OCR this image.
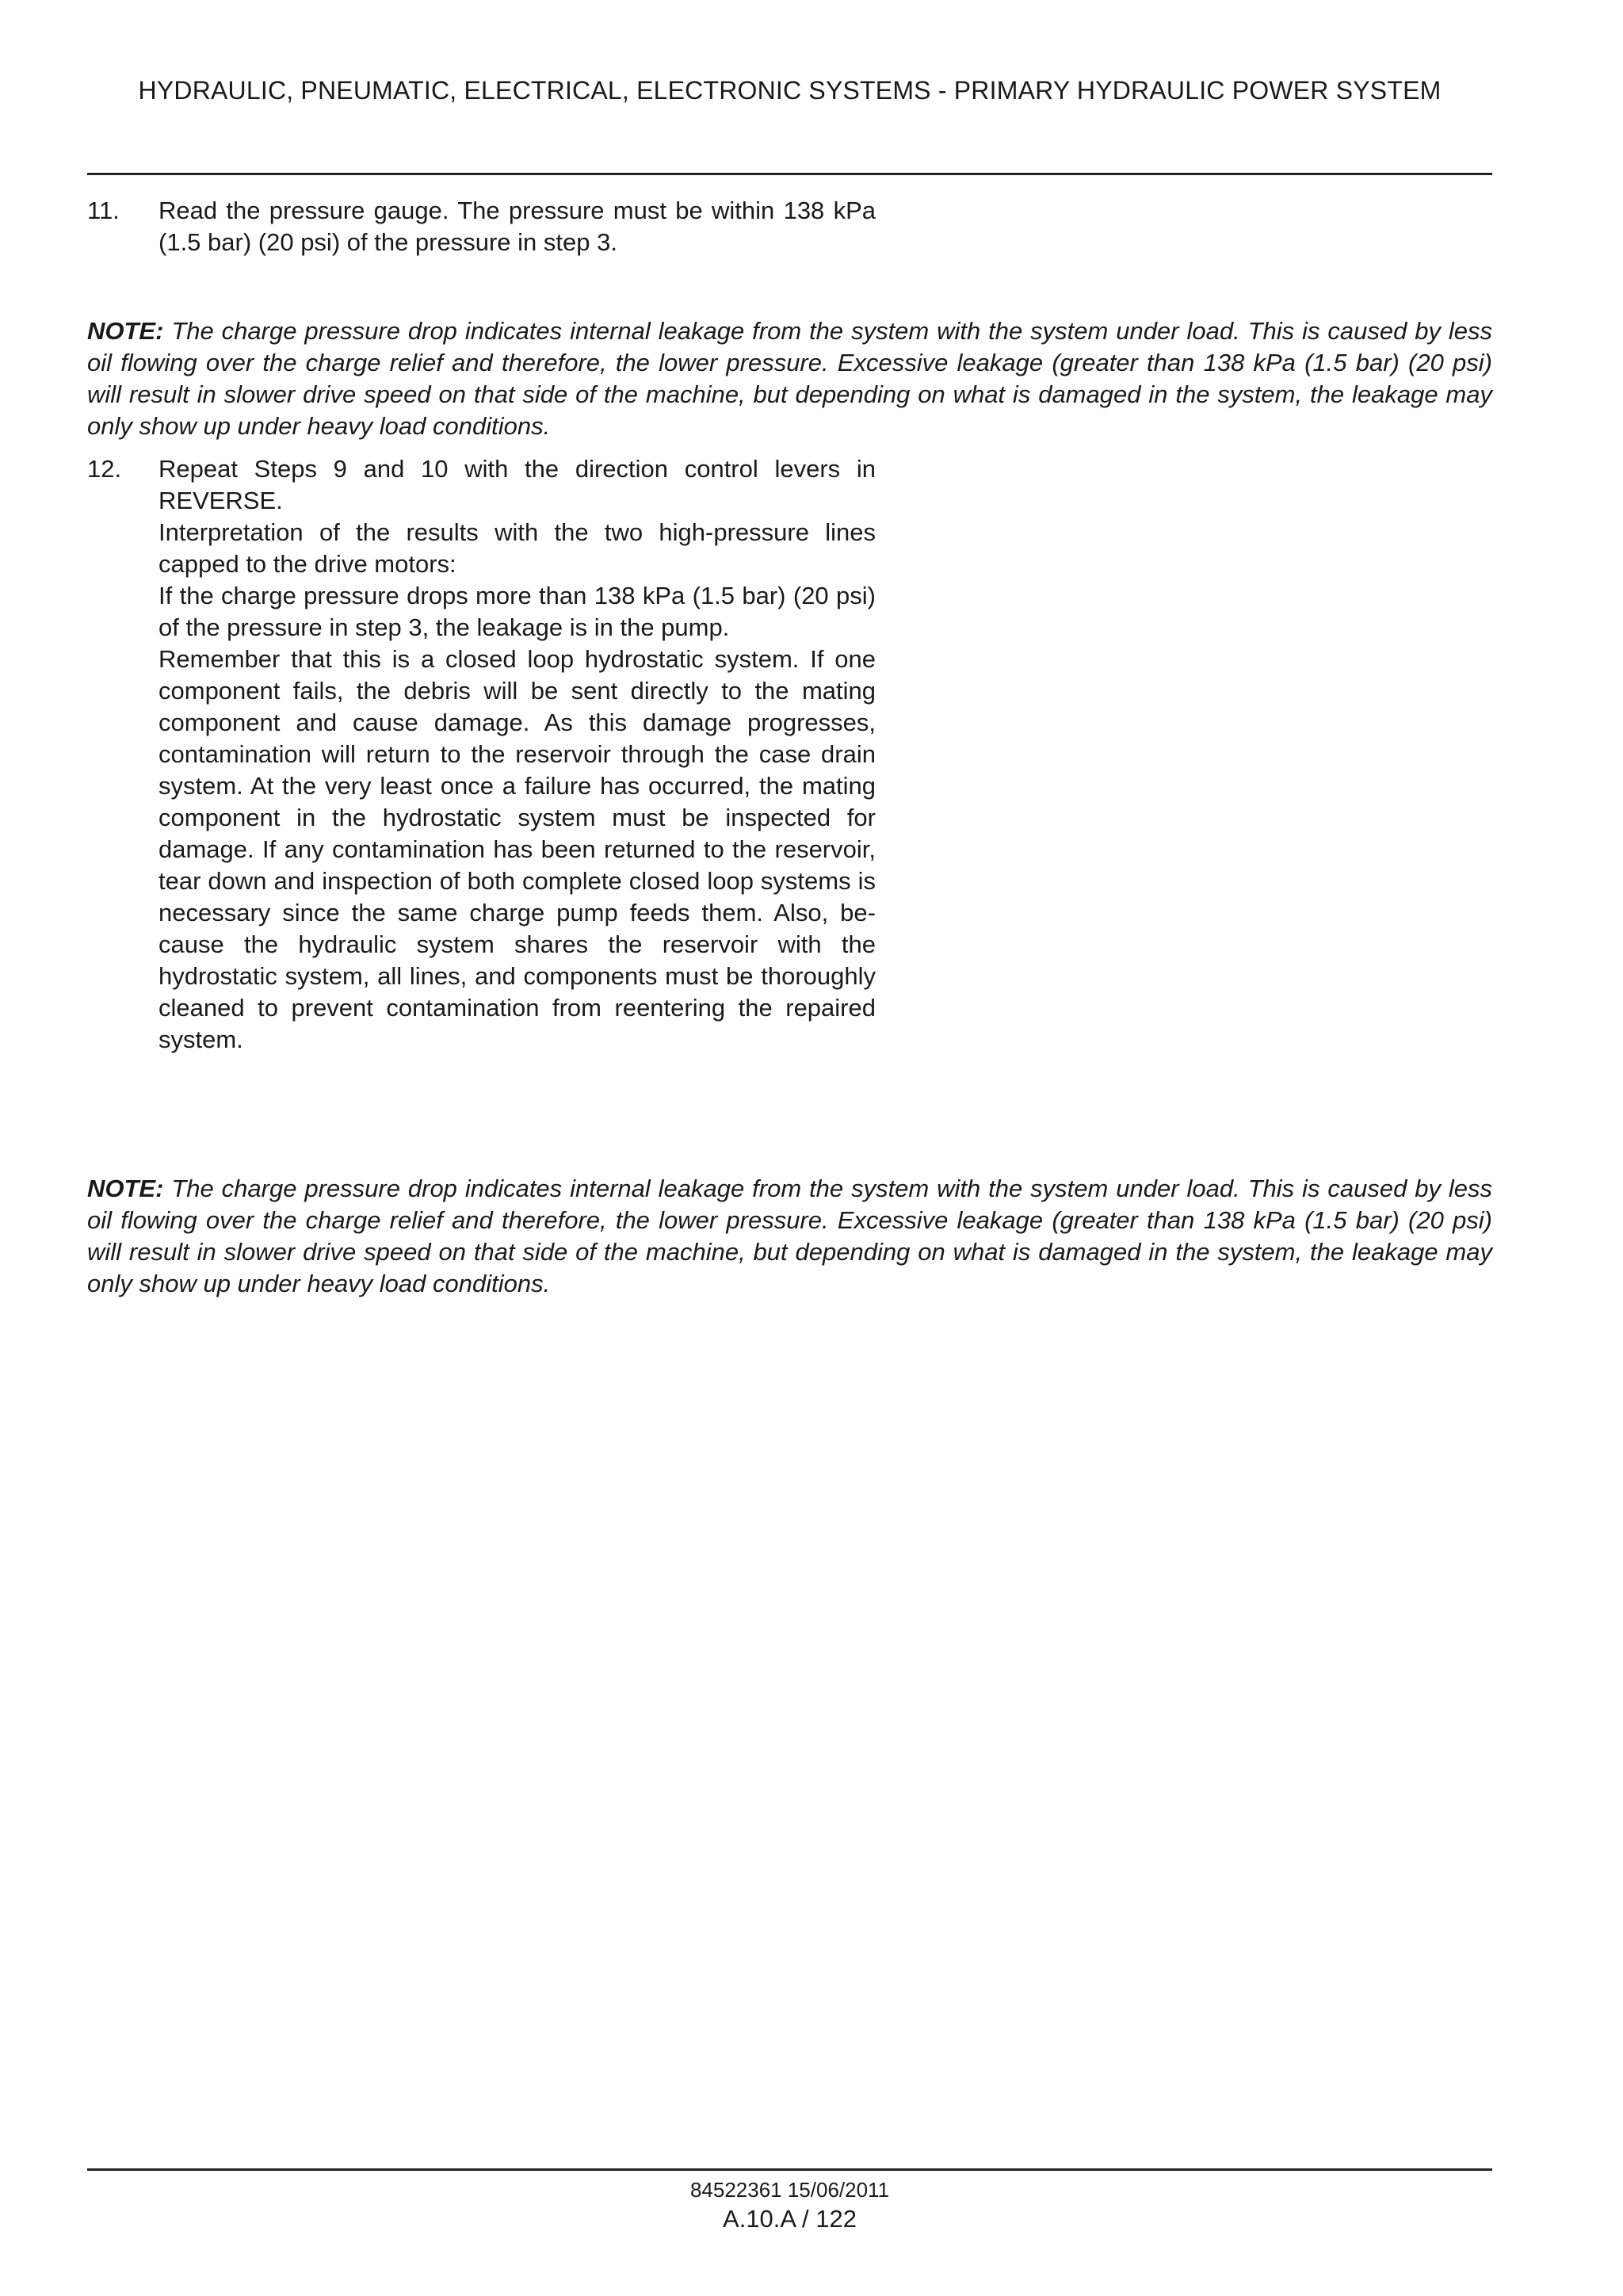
HYDRAULIC, PNEUMATIC, ELECTRICAL, ELECTRONIC SYSTEMS - PRIMARY HYDRAULIC POWER SYSTEM
11. Read the pressure gauge. The pressure must be within 138 kPa (1.5 bar) (20 psi) of the pressure in step 3.

NOTE: The charge pressure drop indicates internal leakage from the system with the system under load. This is caused by less oil flowing over the charge relief and therefore, the lower pressure. Excessive leakage (greater than 138 kPa (1.5 bar) (20 psi) will result in slower drive speed on that side of the machine, but depending on what is damaged in the system, the leakage may only show up under heavy load conditions.

12. Repeat Steps 9 and 10 with the direction control levers in REVERSE.

Interpretation of the results with the two high-pressure lines capped to the drive motors:

If the charge pressure drops more than 138 kPa (1.5 bar) (20 psi) of the pressure in step 3, the leakage is in the pump.

Remember that this is a closed loop hydrostatic system. If one component fails, the debris will be sent directly to the mating component and cause damage. As this damage progresses, contamination will return to the reservoir through the case drain system. At the very least once a failure has occurred, the mating component in the hydrostatic system must be inspected for damage. If any contamination has been returned to the reservoir, tear down and inspection of both complete closed loop systems is necessary since the same charge pump feeds them. Also, because the hydraulic system shares the reservoir with the hydrostatic system, all lines, and components must be thoroughly cleaned to prevent contamination from reentering the repaired system.

NOTE: The charge pressure drop indicates internal leakage from the system with the system under load. This is caused by less oil flowing over the charge relief and therefore, the lower pressure. Excessive leakage (greater than 138 kPa (1.5 bar) (20 psi) will result in slower drive speed on that side of the machine, but depending on what is damaged in the system, the leakage may only show up under heavy load conditions.

84522361 15/06/2011
A.10.A / 122
